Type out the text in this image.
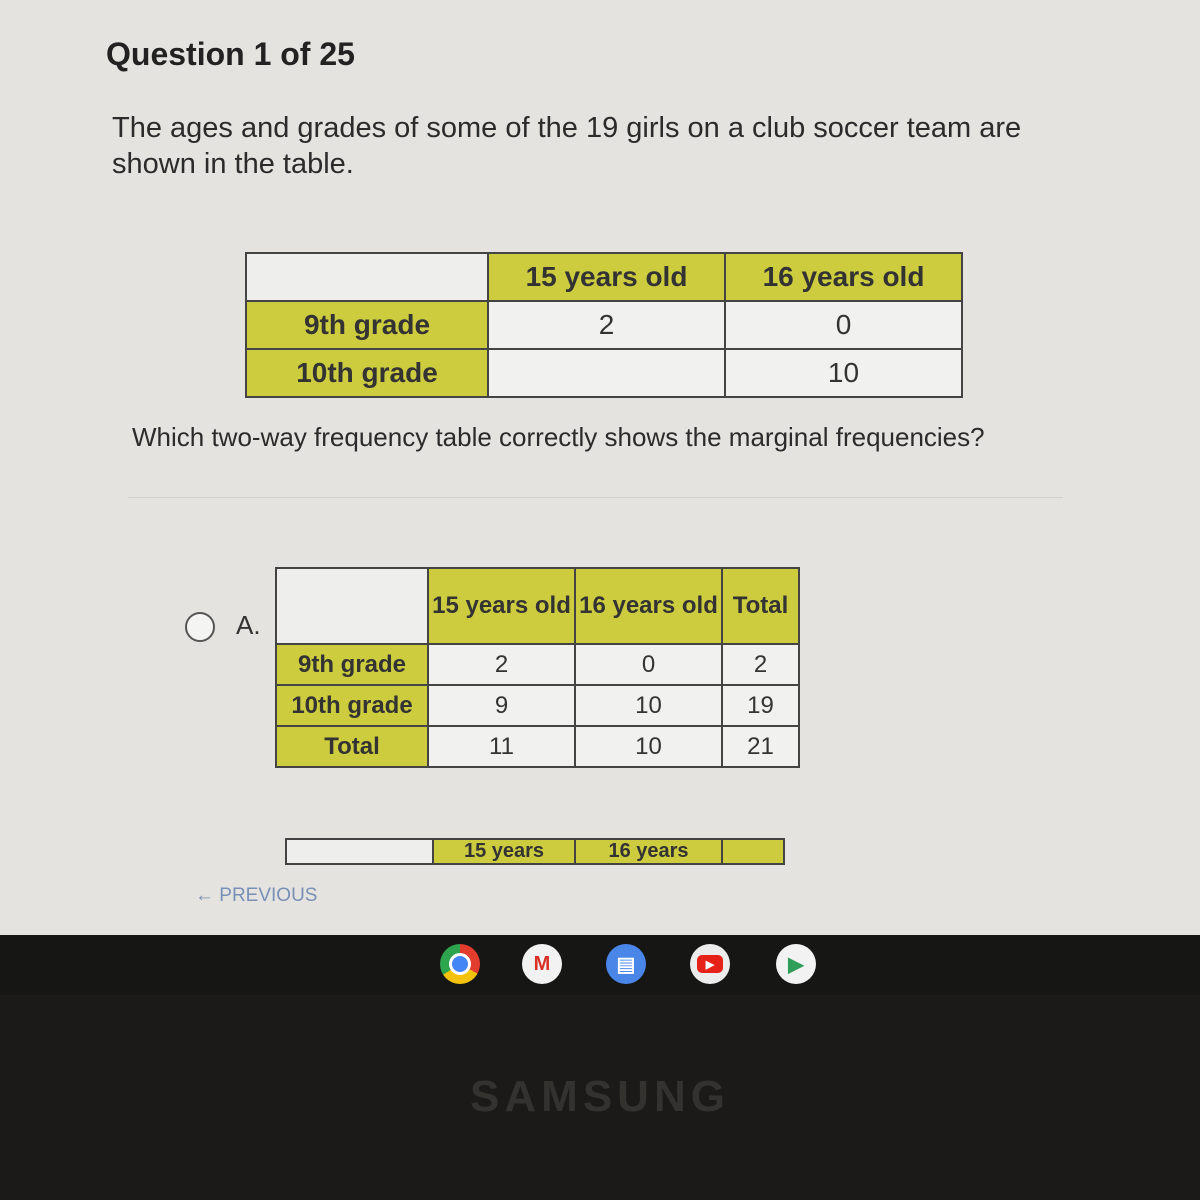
Question 1 of 25
The ages and grades of some of the 19 girls on a club soccer team are shown in the table.
	15 years old	16 years old
9th grade	2	0
10th grade		10
Which two-way frequency table correctly shows the marginal frequencies?
A.
	15 years old	16 years old	Total
9th grade	2	0	2
10th grade	9	10	19
Total	11	10	21
	15 years	16 years	
← PREVIOUS
M	▤	▶	▶
SAMSUNG
